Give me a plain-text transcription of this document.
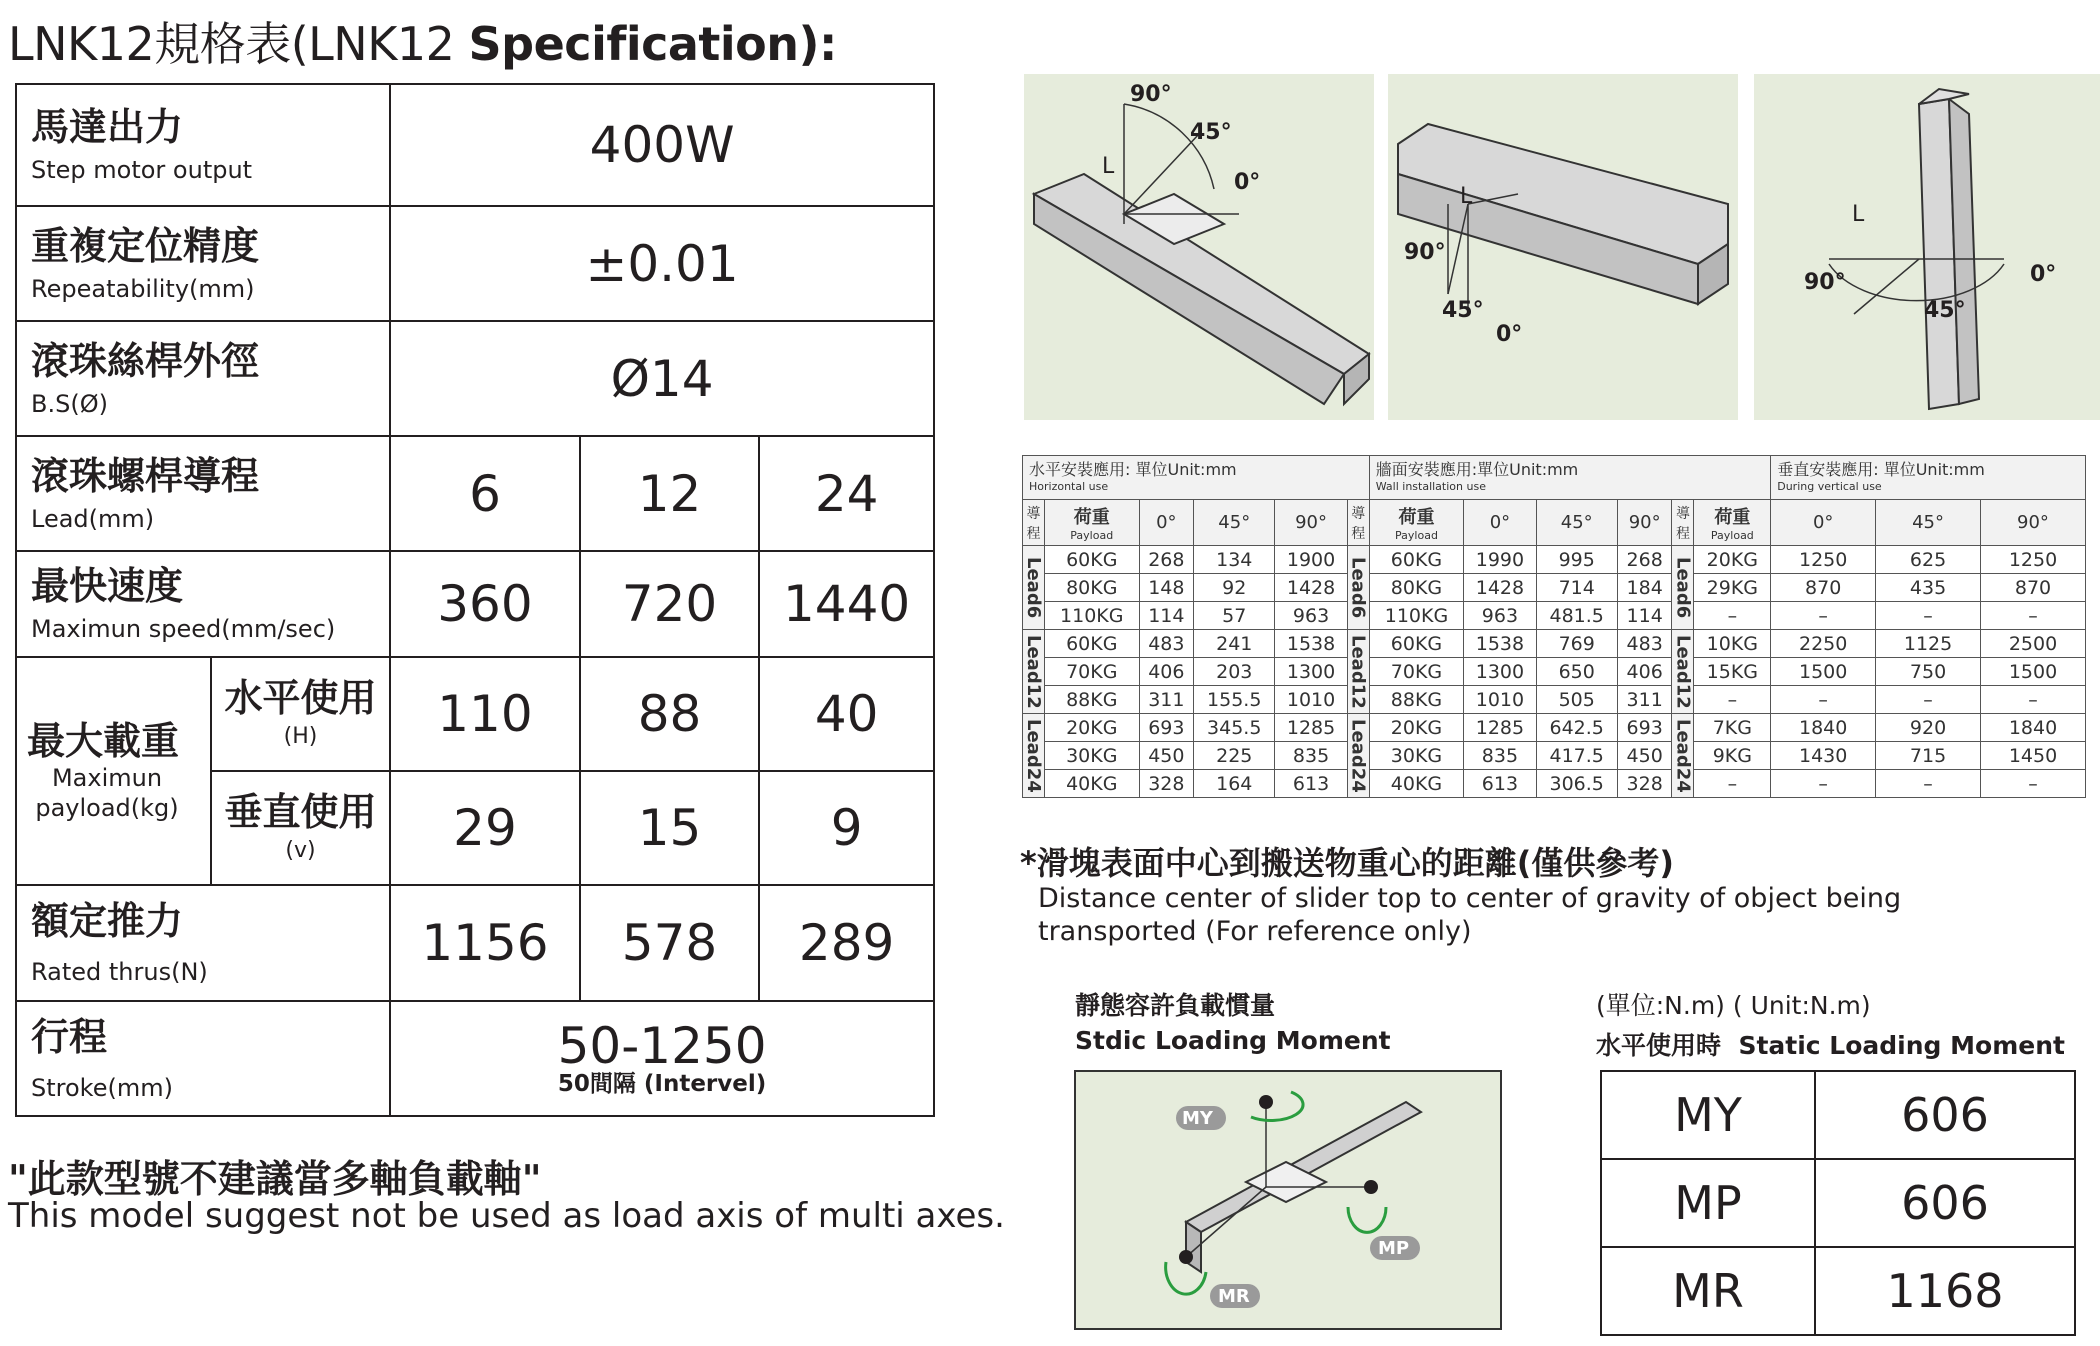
LNK12規格表(LNK12 Specification):
馬達出力
Step motor output		400W		

重複定位精度
Repeatability(mm)		±0.01		

滾珠絲桿外徑
B.S(Ø)		Ø14		

滾珠螺桿導程
Lead(mm)		6	12	24

最快速度
Maximun speed(mm/sec)		360	720	1440

最大載重
Maximun payload(kg)	水平使用
(H)	110	88	40

	垂直使用
(v)	29	15	9

額定推力
Rated thrus(N)		1156	578	289

行程
Stroke(mm)		50-1250
50間隔 (Intervel)		
"此款型號不建議當多軸負載軸"
This model suggest not be used as load axis of multi axes.
90°
45°
0°
L
90°
45°
0°
L
90°
45°
0°
L
水平安裝應用: 單位Unit:mm
Horizontal use						牆面安裝應用:單位Unit:mm
Wall installation use						垂直安裝應用: 單位Unit:mm
During vertical use		

導程	荷重
Payload	0°	45°	90°	導程	荷重
Payload	0°	45°	90°	導程	荷重
Payload	0°	45°	90°
Lead6	60KG	268	134	1900	Lead6	60KG	1990	995	268	Lead6	20KG	1250	625	1250
	80KG	148	92	1428		80KG	1428	714	184		29KG	870	435	870
	110KG	114	57	963		110KG	963	481.5	114		–	–	–	–
Lead12	60KG	483	241	1538	Lead12	60KG	1538	769	483	Lead12	10KG	2250	1125	2500
	70KG	406	203	1300		70KG	1300	650	406		15KG	1500	750	1500
	88KG	311	155.5	1010		88KG	1010	505	311		–	–	–	–
Lead24	20KG	693	345.5	1285	Lead24	20KG	1285	642.5	693	Lead24	7KG	1840	920	1840
	30KG	450	225	835		30KG	835	417.5	450		9KG	1430	715	1450
	40KG	328	164	613		40KG	613	306.5	328		–	–	–	–
*滑塊表面中心到搬送物重心的距離(僅供參考)
Distance center of slider top to center of gravity of object being transported (For reference only)
靜態容許負載慣量
Stdic Loading Moment
MY
MP
MR
(單位:N.m) ( Unit:N.m)
水平使用時 Static Loading Moment
MY	606
MP	606
MR	1168
